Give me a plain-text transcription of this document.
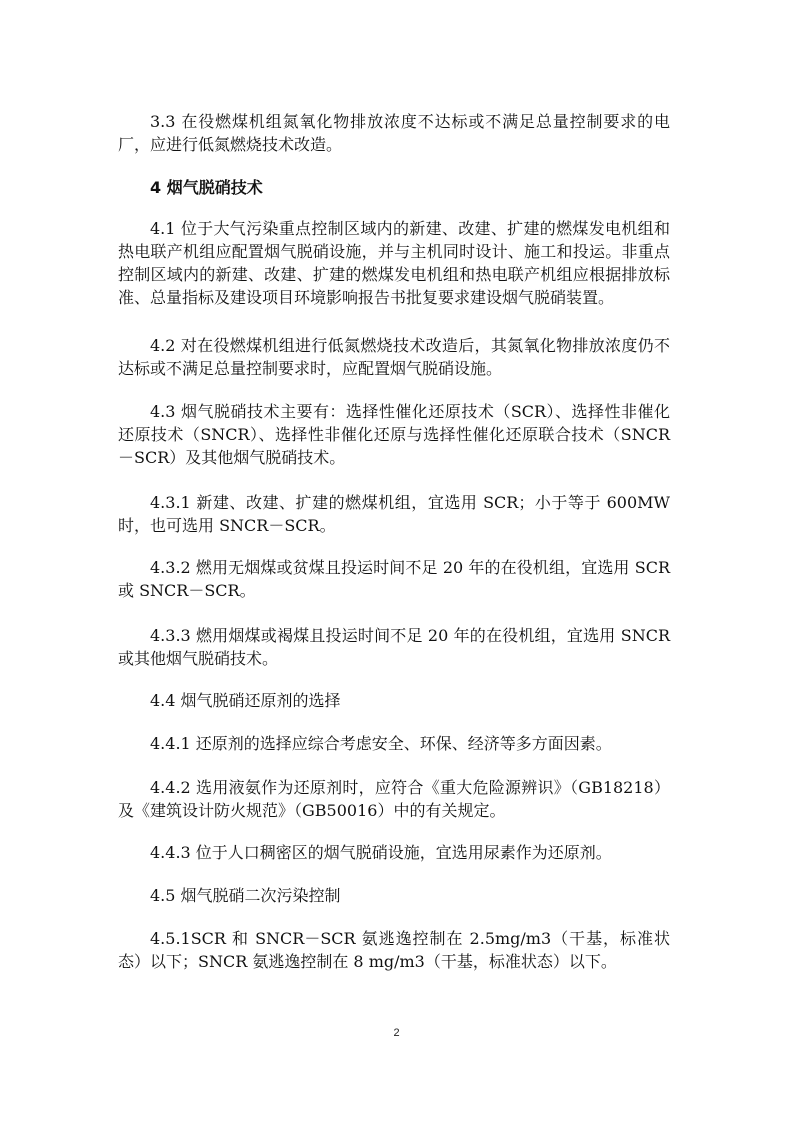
3.3 在役燃煤机组氮氧化物排放浓度不达标或不满足总量控制要求的电厂，应进行低氮燃烧技术改造。

4 烟气脱硝技术

4.1 位于大气污染重点控制区域内的新建、改建、扩建的燃煤发电机组和热电联产机组应配置烟气脱硝设施，并与主机同时设计、施工和投运。非重点控制区域内的新建、改建、扩建的燃煤发电机组和热电联产机组应根据排放标准、总量指标及建设项目环境影响报告书批复要求建设烟气脱硝装置。

4.2 对在役燃煤机组进行低氮燃烧技术改造后，其氮氧化物排放浓度仍不达标或不满足总量控制要求时，应配置烟气脱硝设施。

4.3 烟气脱硝技术主要有：选择性催化还原技术（SCR）、选择性非催化还原技术（SNCR）、选择性非催化还原与选择性催化还原联合技术（SNCR－SCR）及其他烟气脱硝技术。

4.3.1 新建、改建、扩建的燃煤机组，宜选用 SCR；小于等于 600MW 时，也可选用 SNCR－SCR。

4.3.2 燃用无烟煤或贫煤且投运时间不足 20 年的在役机组，宜选用 SCR 或 SNCR－SCR。

4.3.3 燃用烟煤或褐煤且投运时间不足 20 年的在役机组，宜选用 SNCR 或其他烟气脱硝技术。

4.4 烟气脱硝还原剂的选择

4.4.1 还原剂的选择应综合考虑安全、环保、经济等多方面因素。

4.4.2 选用液氨作为还原剂时，应符合《重大危险源辨识》（GB18218）及《建筑设计防火规范》（GB50016）中的有关规定。

4.4.3 位于人口稠密区的烟气脱硝设施，宜选用尿素作为还原剂。

4.5 烟气脱硝二次污染控制

4.5.1SCR 和 SNCR－SCR 氨逃逸控制在 2.5mg/m3（干基，标准状态）以下；SNCR 氨逃逸控制在 8 mg/m3（干基，标准状态）以下。

2
